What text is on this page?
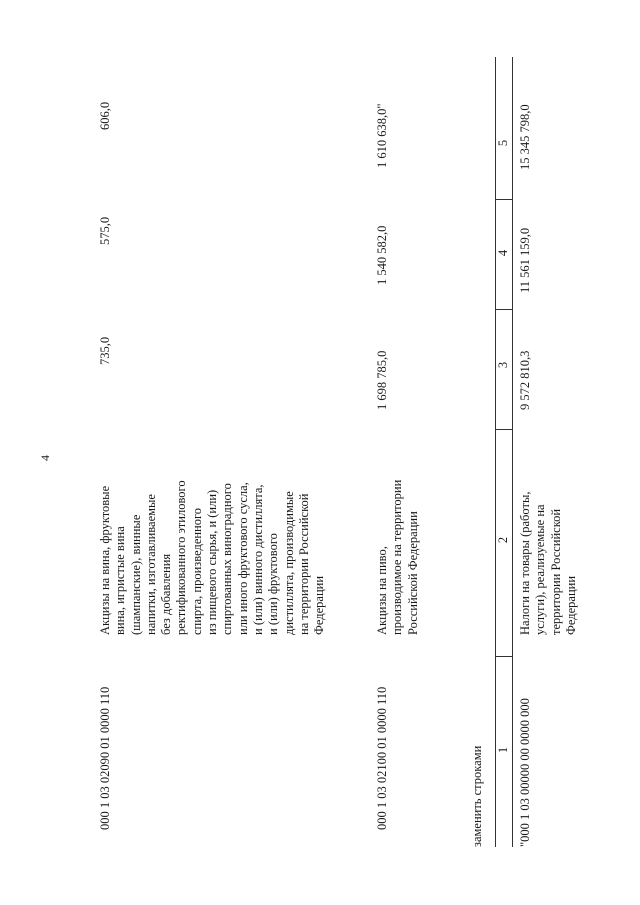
4
000 1 03 02090 01 0000 110
Акцизы на вина, фруктовые вина, игристые вина (шампанские), винные напитки, изготавливаемые без добавления ректификованного этилового спирта, произведенного из пищевого сырья, и (или) спиртованных виноградного или иного фруктового сусла, и (или) винного дистиллята, и (или) фруктового дистиллята, производимые на территории Российской Федерации
735,0
575,0
606,0
000 1 03 02100 01 0000 110
Акцизы на пиво, производимое на территории Российской Федерации
1 698 785,0
1 540 582,0
1 610 638,0"
заменить строками 1
2
3
4
5
"000 1 03 00000 00 0000 000
Налоги на товары (работы, услуги), реализуемые на территории Российской Федерации
9 572 810,3
11 561 159,0
15 345 798,0
